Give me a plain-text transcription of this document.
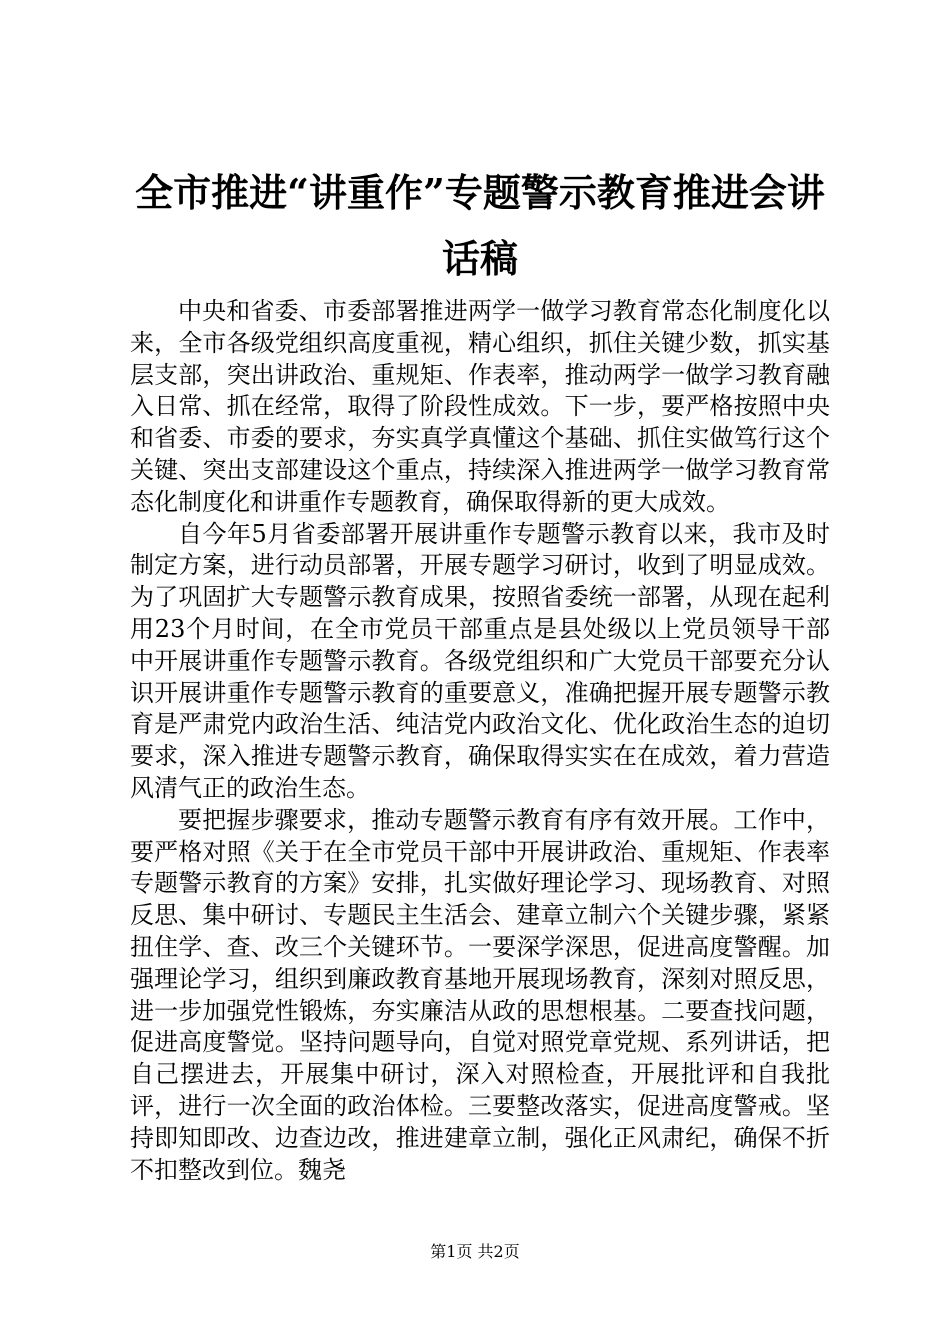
全市推进“讲重作”专题警示教育推进会讲话稿

中央和省委、市委部署推进两学一做学习教育常态化制度化以来，全市各级党组织高度重视，精心组织，抓住关键少数，抓实基层支部，突出讲政治、重规矩、作表率，推动两学一做学习教育融入日常、抓在经常，取得了阶段性成效。下一步，要严格按照中央和省委、市委的要求，夯实真学真懂这个基础、抓住实做笃行这个关键、突出支部建设这个重点，持续深入推进两学一做学习教育常态化制度化和讲重作专题教育，确保取得新的更大成效。

自今年5月省委部署开展讲重作专题警示教育以来，我市及时制定方案，进行动员部署，开展专题学习研讨，收到了明显成效。为了巩固扩大专题警示教育成果，按照省委统一部署，从现在起利用23个月时间，在全市党员干部重点是县处级以上党员领导干部中开展讲重作专题警示教育。各级党组织和广大党员干部要充分认识开展讲重作专题警示教育的重要意义，准确把握开展专题警示教育是严肃党内政治生活、纯洁党内政治文化、优化政治生态的迫切要求，深入推进专题警示教育，确保取得实实在在成效，着力营造风清气正的政治生态。

要把握步骤要求，推动专题警示教育有序有效开展。工作中，要严格对照《关于在全市党员干部中开展讲政治、重规矩、作表率专题警示教育的方案》安排，扎实做好理论学习、现场教育、对照反思、集中研讨、专题民主生活会、建章立制六个关键步骤，紧紧扭住学、查、改三个关键环节。一要深学深思，促进高度警醒。加强理论学习，组织到廉政教育基地开展现场教育，深刻对照反思，进一步加强党性锻炼，夯实廉洁从政的思想根基。二要查找问题，促进高度警觉。坚持问题导向，自觉对照党章党规、系列讲话，把自己摆进去，开展集中研讨，深入对照检查，开展批评和自我批评，进行一次全面的政治体检。三要整改落实，促进高度警戒。坚持即知即改、边查边改，推进建章立制，强化正风肃纪，确保不折不扣整改到位。魏尧

第1页 共2页
